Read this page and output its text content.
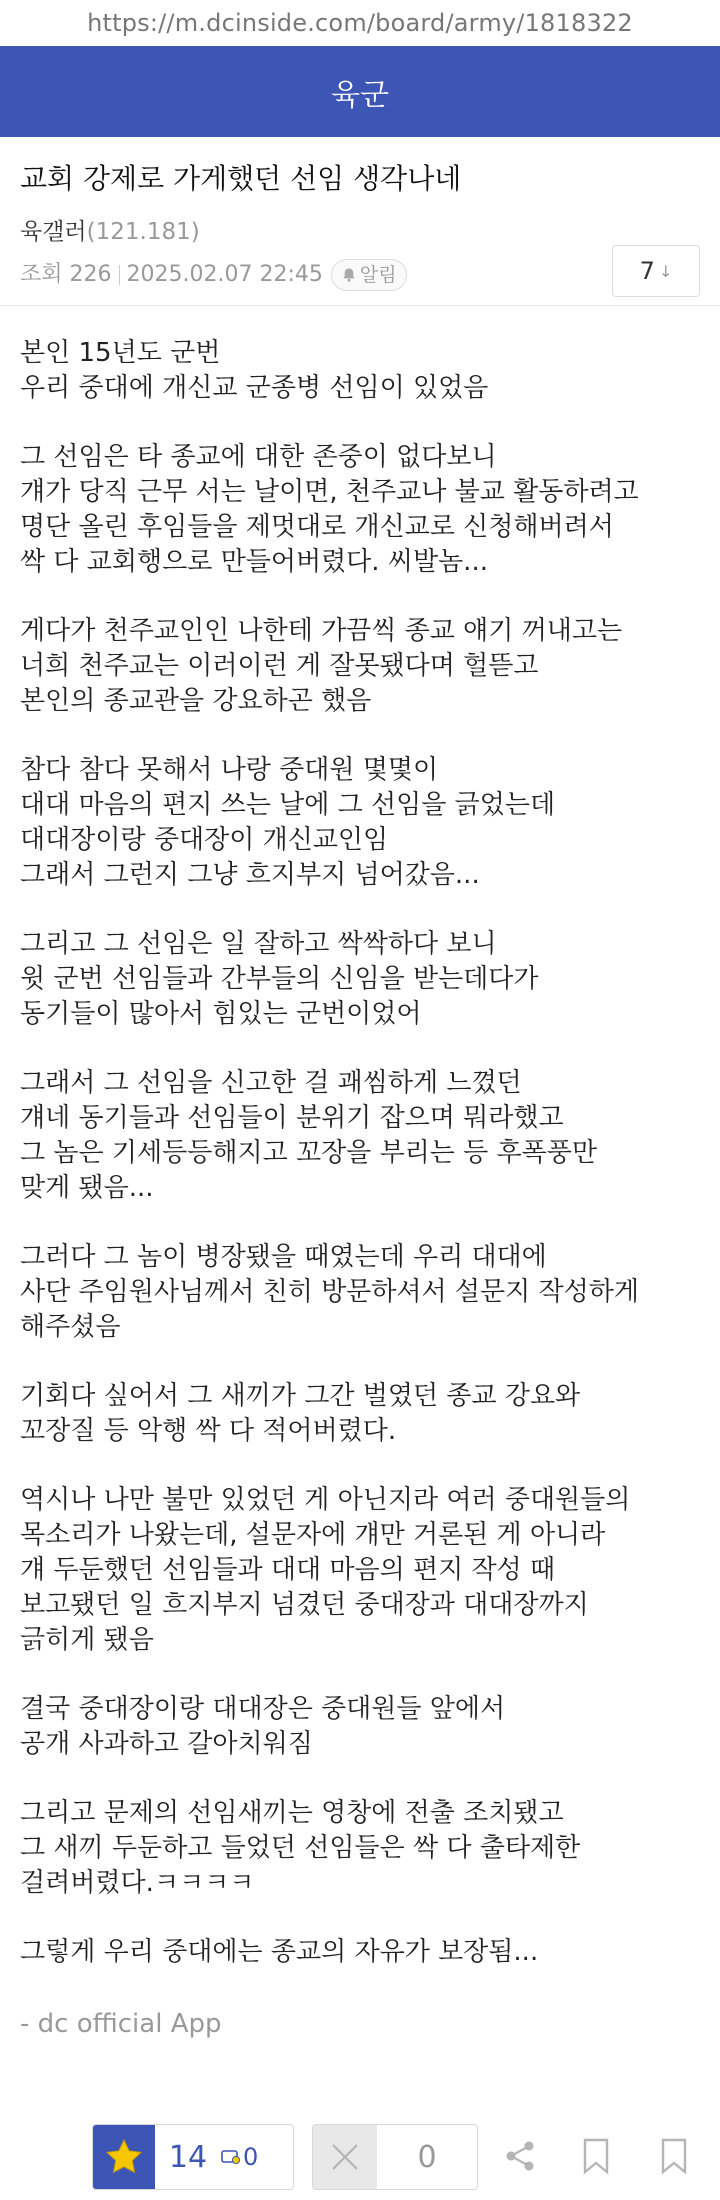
https://m.dcinside.com/board/army/1818322
육군
교회 강제로 가게했던 선임 생각나네
육갤러(121.181)
조회 226 2025.02.07 22:45 알림	7 ↓
본인 15년도 군번
우리 중대에 개신교 군종병 선임이 있었음
그 선임은 타 종교에 대한 존중이 없다보니
걔가 당직 근무 서는 날이면, 천주교나 불교 활동하려고
명단 올린 후임들을 제멋대로 개신교로 신청해버려서
싹 다 교회행으로 만들어버렸다. 씨발놈...
게다가 천주교인인 나한테 가끔씩 종교 얘기 꺼내고는
너희 천주교는 이러이런 게 잘못됐다며 헐뜯고
본인의 종교관을 강요하곤 했음
참다 참다 못해서 나랑 중대원 몇몇이
대대 마음의 편지 쓰는 날에 그 선임을 긁었는데
대대장이랑 중대장이 개신교인임
그래서 그런지 그냥 흐지부지 넘어갔음...
그리고 그 선임은 일 잘하고 싹싹하다 보니
윗 군번 선임들과 간부들의 신임을 받는데다가
동기들이 많아서 힘있는 군번이었어
그래서 그 선임을 신고한 걸 괘씸하게 느꼈던
걔네 동기들과 선임들이 분위기 잡으며 뭐라했고
그 놈은 기세등등해지고 꼬장을 부리는 등 후폭풍만
맞게 됐음...
그러다 그 놈이 병장됐을 때였는데 우리 대대에
사단 주임원사님께서 친히 방문하셔서 설문지 작성하게
해주셨음
기회다 싶어서 그 새끼가 그간 벌였던 종교 강요와
꼬장질 등 악행 싹 다 적어버렸다.
역시나 나만 불만 있었던 게 아닌지라 여러 중대원들의
목소리가 나왔는데, 설문자에 걔만 거론된 게 아니라
걔 두둔했던 선임들과 대대 마음의 편지 작성 때
보고됐던 일 흐지부지 넘겼던 중대장과 대대장까지
긁히게 됐음
결국 중대장이랑 대대장은 중대원들 앞에서
공개 사과하고 갈아치워짐
그리고 문제의 선임새끼는 영창에 전출 조치됐고
그 새끼 두둔하고 들었던 선임들은 싹 다 출타제한
걸려버렸다.ㅋㅋㅋㅋ
그렇게 우리 중대에는 종교의 자유가 보장됨...
- dc official App
14	0	0
